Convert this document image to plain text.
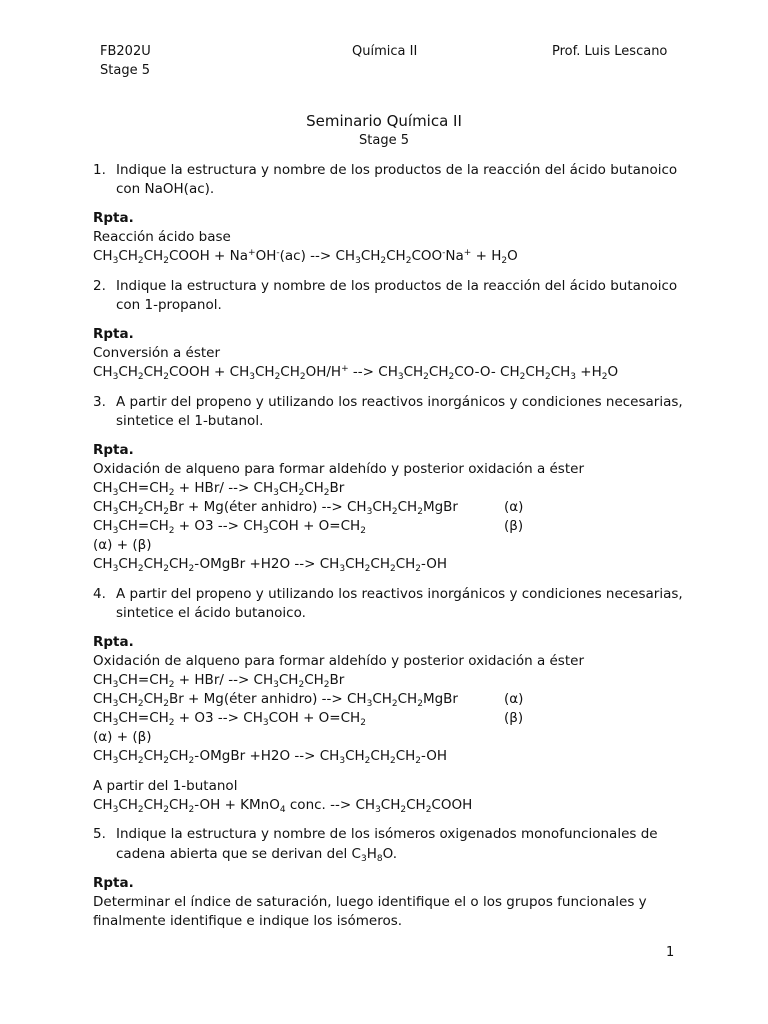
FB202U	Química II	Prof. Luis Lescano
Stage 5
Seminario Química II
Stage 5
1. Indique la estructura y nombre de los productos de la reacción del ácido butanoico
con NaOH(ac).
Rpta.
Reacción ácido base
$CH_3CH_2CH_2COOH + Na^+OH^-(ac)$ --> $CH_3CH_2CH_2COO^-Na^+ + H_2O$
2. Indique la estructura y nombre de los productos de la reacción del ácido butanoico
con 1-propanol.
Rpta.
Conversión a éster
$CH_3CH_2CH_2COOH + CH_3CH_2CH_2OH/H^+$ --> $CH_3CH_2CH_2CO-O-$ $CH_2CH_2CH_3 +H_2O$
3. A partir del propeno y utilizando los reactivos inorgánicos y condiciones necesarias,
sintetice el 1-butanol.
Rpta.
Oxidación de alqueno para formar aldehído y posterior oxidación a éster
$CH_3CH=CH_2 + HBr/$ --> $CH_3CH_2CH_2Br$
$CH_3CH_2CH_2Br$ + Mg(éter anhidro) --> $CH_3CH_2CH_2MgBr$	(α)
$CH_3CH=CH_2 + O3$ --> $CH_3COH + O=CH_2$	(β)
(α) + (β)
$CH_3CH_2CH_2CH_2$-OMgBr +H2O --> $CH_3CH_2CH_2CH_2-OH$
4. A partir del propeno y utilizando los reactivos inorgánicos y condiciones necesarias,
sintetice el ácido butanoico.
Rpta.
Oxidación de alqueno para formar aldehído y posterior oxidación a éster
$CH_3CH=CH_2 + HBr/$ --> $CH_3CH_2CH_2Br$
$CH_3CH_2CH_2Br$ + Mg(éter anhidro) --> $CH_3CH_2CH_2MgBr$	(α)
$CH_3CH=CH_2 + O3$ --> $CH_3COH + O=CH_2$	(β)
(α) + (β)
$CH_3CH_2CH_2CH_2$-OMgBr +H2O --> $CH_3CH_2CH_2CH_2-OH$
A partir del 1-butanol
$CH_3CH_2CH_2CH_2-OH$ + KMnO$_4$ conc. --> $CH_3CH_2CH_2COOH$
5. Indique la estructura y nombre de los isómeros oxigenados monofuncionales de
cadena abierta que se derivan del $C_3H_8O$.
Rpta.
Determinar el índice de saturación, luego identifique el o los grupos funcionales y
finalmente identifique e indique los isómeros.
1
